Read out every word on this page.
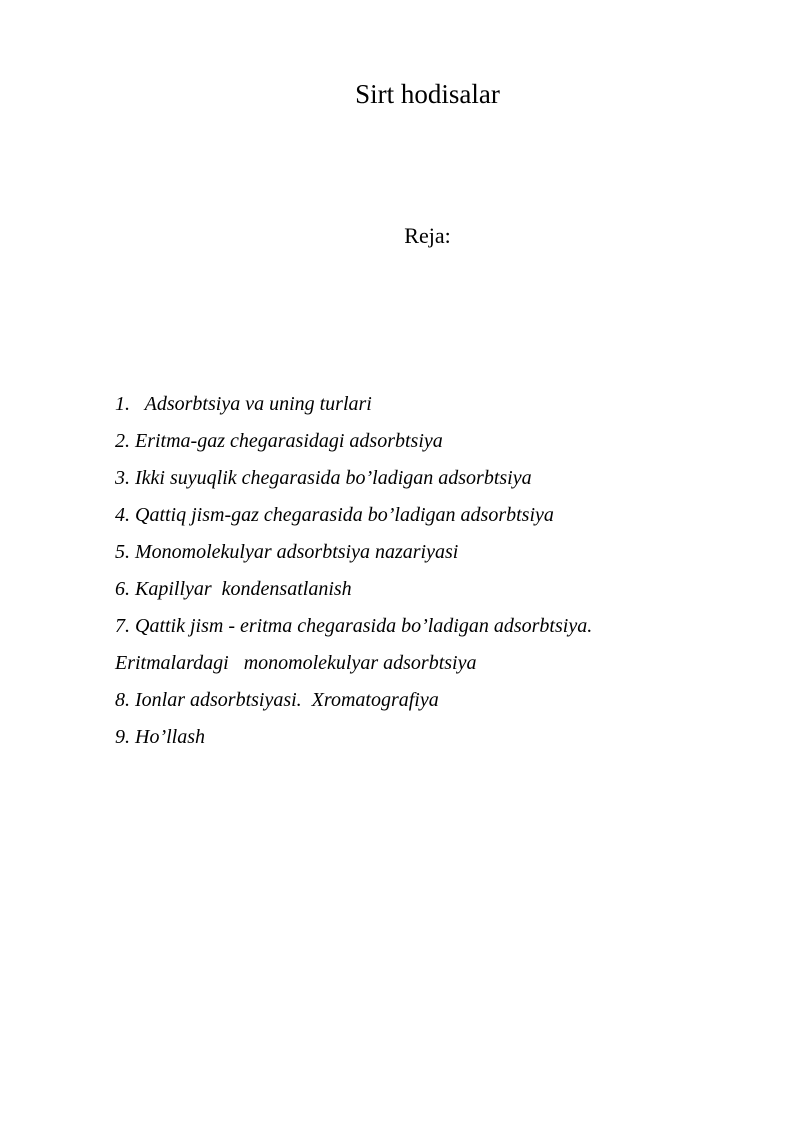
Sirt hodisalar
Reja:
1.   Adsorbtsiya va uning turlari
2. Eritma-gaz chegarasidagi adsorbtsiya
3. Ikki suyuqlik chegarasida bo’ladigan adsorbtsiya
4. Qattiq jism-gaz chegarasida bo’ladigan adsorbtsiya
5. Monomolekulyar adsorbtsiya nazariyasi
6. Kapillyar  kondensatlanish
7. Qattik jism - eritma chegarasida bo’ladigan adsorbtsiya.
Eritmalardagi   monomolekulyar adsorbtsiya
8. Ionlar adsorbtsiyasi.  Xromatografiya
9. Ho’llash
